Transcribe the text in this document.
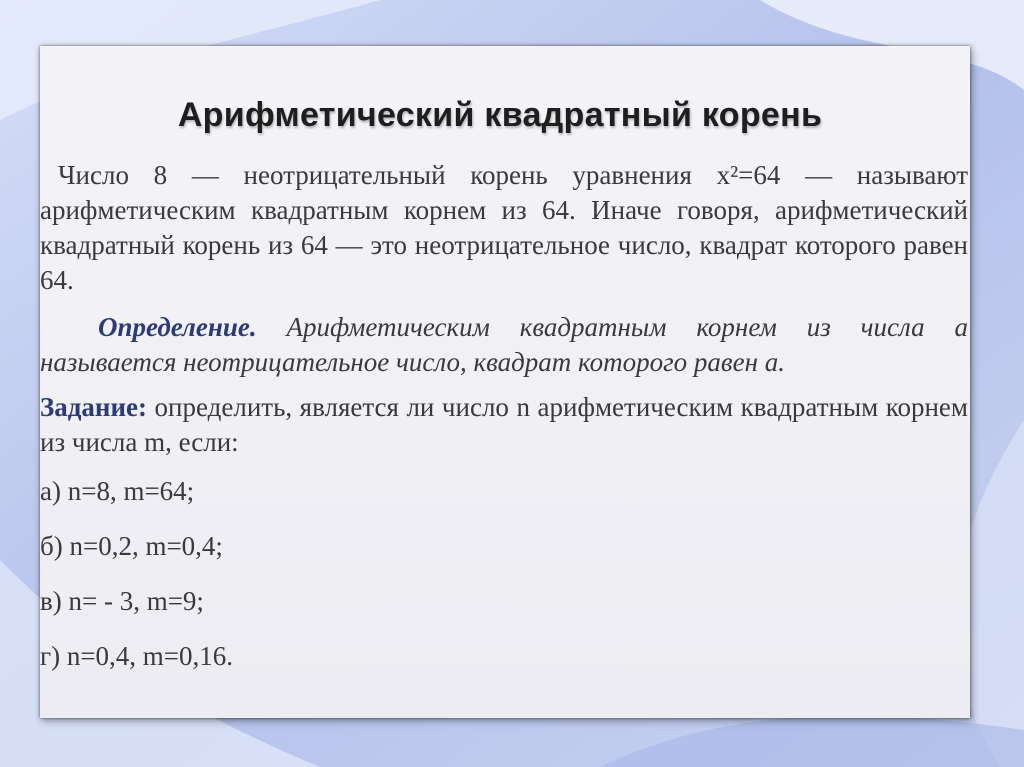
Арифметический квадратный корень

Число 8 — неотрицательный корень уравнения x²=64 — называют арифметическим квадратным корнем из 64. Иначе говоря, арифметический квадратный корень из 64 — это неотрицательное число, квадрат которого равен 64.

Определение. Арифметическим квадратным корнем из числа a называется неотрицательное число, квадрат которого равен a.

Задание: определить, является ли число n арифметическим квадратным корнем из числа m, если:

а) n=8, m=64;
б) n=0,2, m=0,4;
в) n= - 3, m=9;
г) n=0,4, m=0,16.
